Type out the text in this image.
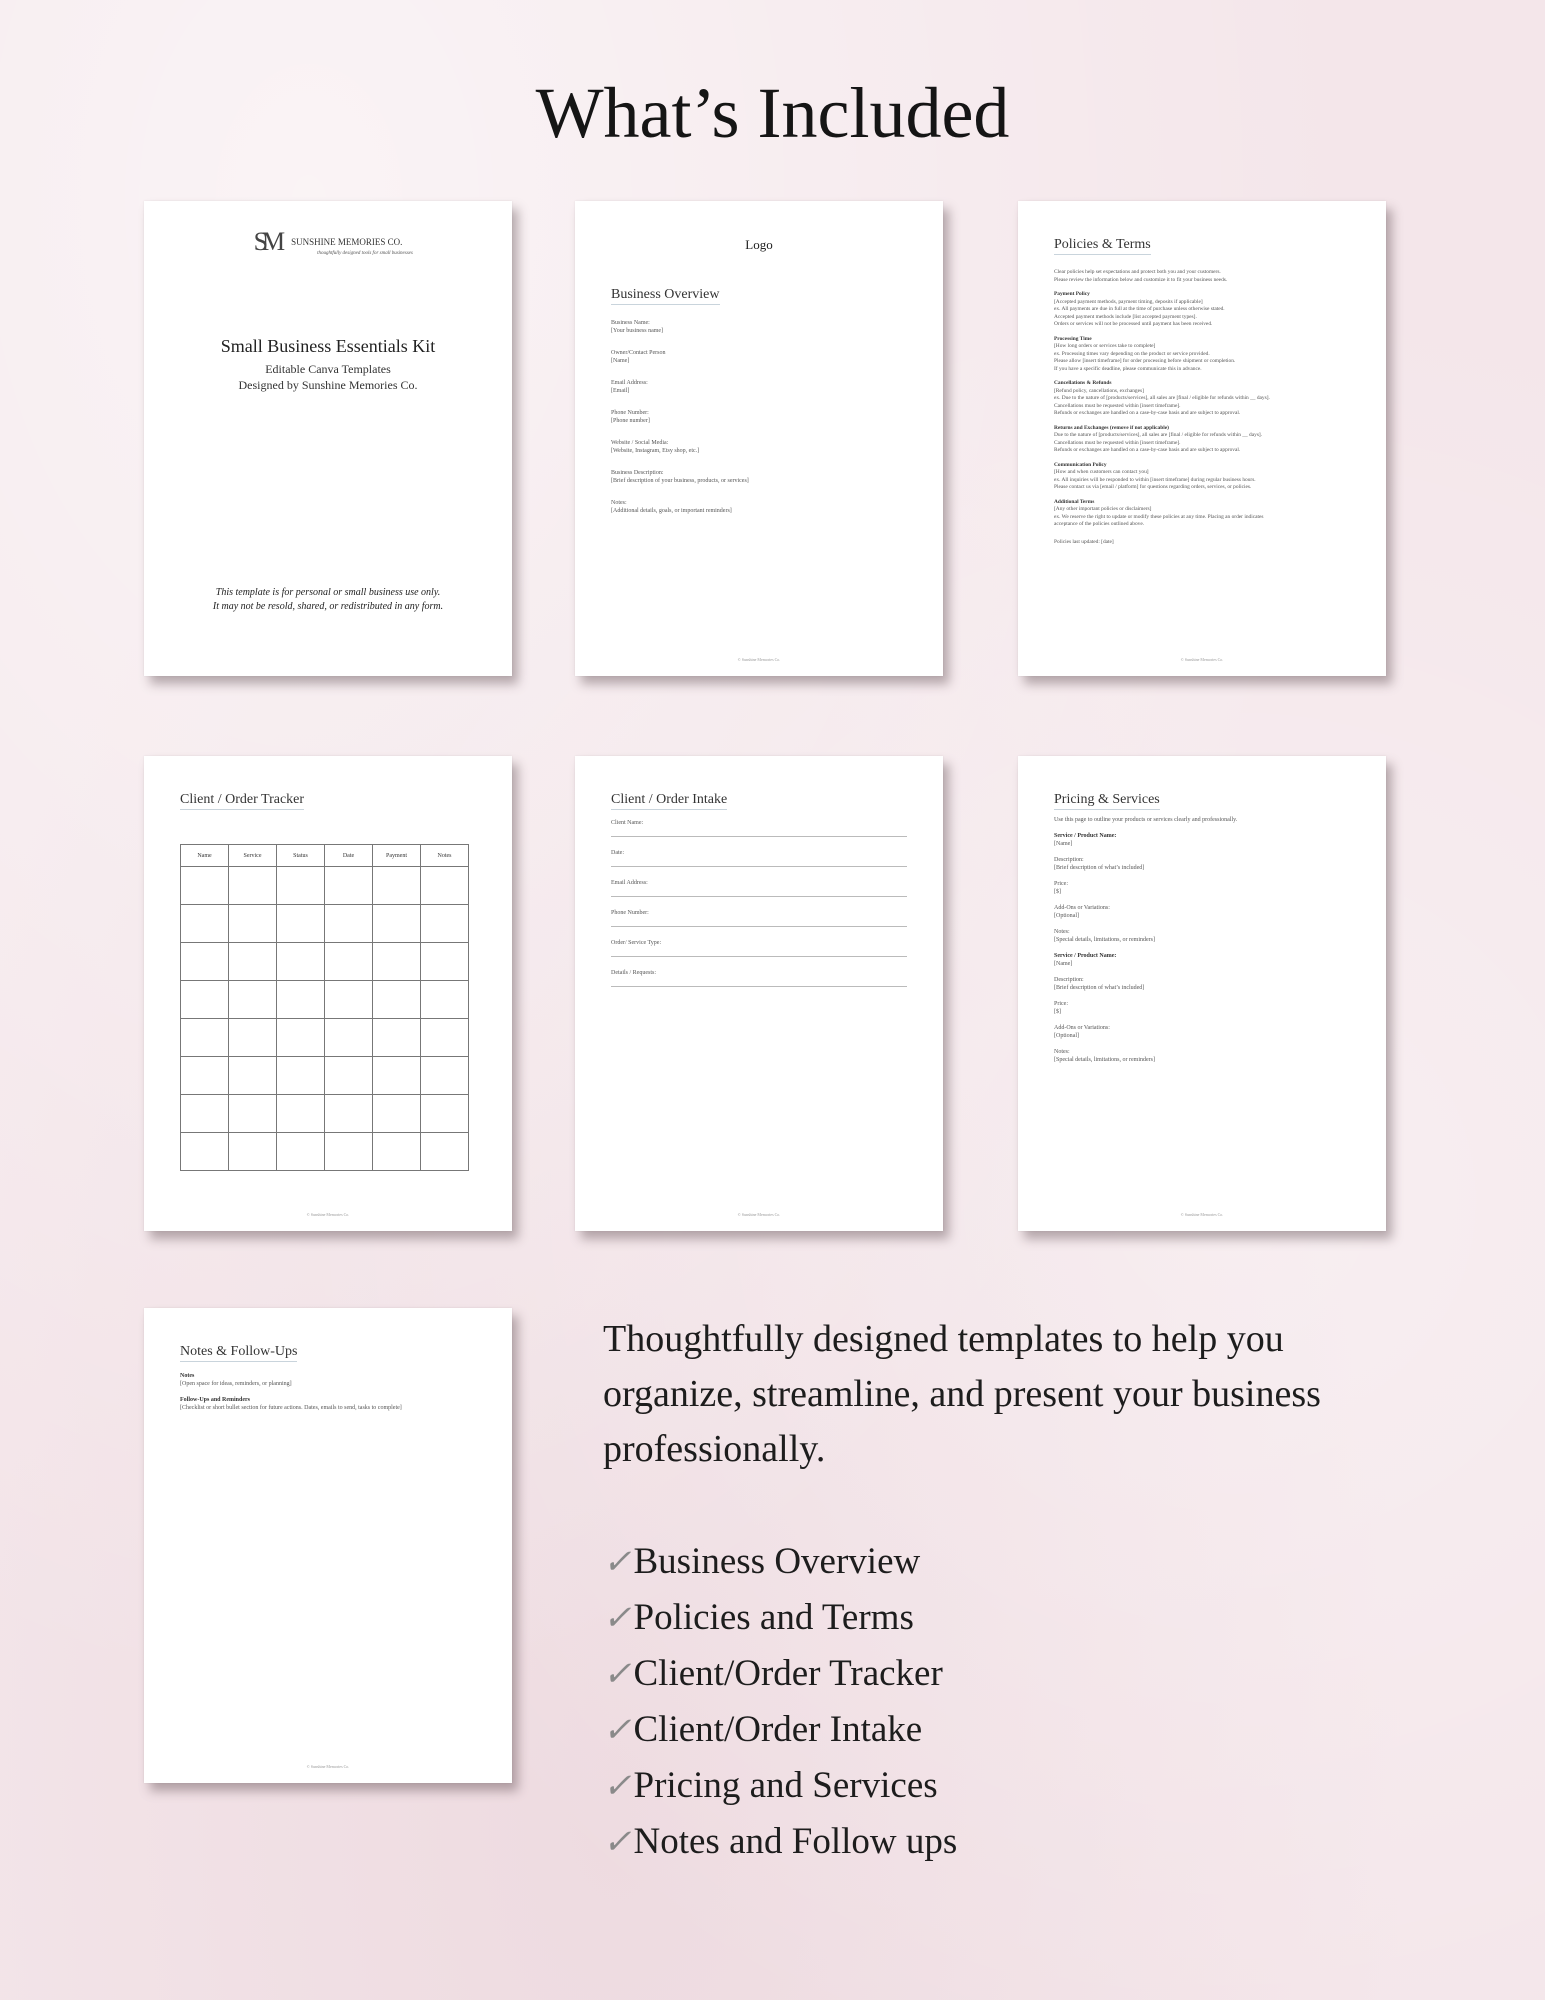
What’s Included
SM SUNSHINE MEMORIES CO.
thoughtfully designed tools for small businesses
Small Business Essentials Kit
Editable Canva Templates
Designed by Sunshine Memories Co.
This template is for personal or small business use only.
It may not be resold, shared, or redistributed in any form.
Logo
Business Overview
Business Name:
[Your business name]
Owner/Contact Person
[Name]
Email Address:
[Email]
Phone Number:
[Phone number]
Website / Social Media:
[Website, Instagram, Etsy shop, etc.]
Business Description:
[Brief description of your business, products, or services]
Notes:
[Additional details, goals, or important reminders]
© Sunshine Memories Co.
Policies & Terms
Clear policies help set expectations and protect both you and your customers.
Please review the information below and customize it to fit your business needs.
Payment Policy
[Accepted payment methods, payment timing, deposits if applicable]
ex. All payments are due in full at the time of purchase unless otherwise stated.
Accepted payment methods include [list accepted payment types].
Orders or services will not be processed until payment has been received.
Processing Time
[How long orders or services take to complete]
ex. Processing times vary depending on the product or service provided.
Please allow [insert timeframe] for order processing before shipment or completion.
If you have a specific deadline, please communicate this in advance.
Cancellations & Refunds
[Refund policy, cancellations, exchanges]
ex. Due to the nature of [products/services], all sales are [final / eligible for refunds within __ days].
Cancellations must be requested within [insert timeframe].
Refunds or exchanges are handled on a case-by-case basis and are subject to approval.
Returns and Exchanges (remove if not applicable)
Due to the nature of [products/services], all sales are [final / eligible for refunds within __ days].
Cancellations must be requested within [insert timeframe].
Refunds or exchanges are handled on a case-by-case basis and are subject to approval.
Communication Policy
[How and when customers can contact you]
ex. All inquiries will be responded to within [insert timeframe] during regular business hours.
Please contact us via [email / platform] for questions regarding orders, services, or policies.
Additional Terms
[Any other important policies or disclaimers]
ex. We reserve the right to update or modify these policies at any time. Placing an order indicates
acceptance of the policies outlined above.
Policies last updated: [date]
© Sunshine Memories Co.
Client / Order Tracker
Name	Service	Status	Date	Payment	Notes

© Sunshine Memories Co.
Client / Order Intake
Client Name:
Date:
Email Address:
Phone Number:
Order/ Service Type:
Details / Requests:
© Sunshine Memories Co.
Pricing & Services
Use this page to outline your products or services clearly and professionally.
Service / Product Name:
[Name]
Description:
[Brief description of what’s included]
Price:
[$]
Add-Ons or Variations:
[Optional]
Notes:
[Special details, limitations, or reminders]
Service / Product Name:
[Name]
Description:
[Brief description of what’s included]
Price:
[$]
Add-Ons or Variations:
[Optional]
Notes:
[Special details, limitations, or reminders]
© Sunshine Memories Co.
Notes & Follow-Ups
Notes
[Open space for ideas, reminders, or planning]
Follow-Ups and Reminders
[Checklist or short bullet section for future actions. Dates, emails to send, tasks to complete]
© Sunshine Memories Co.

Thoughtfully designed templates to help you organize, streamline, and present your business professionally.

✓Business Overview
✓Policies and Terms
✓Client/Order Tracker
✓Client/Order Intake
✓Pricing and Services
✓Notes and Follow ups
